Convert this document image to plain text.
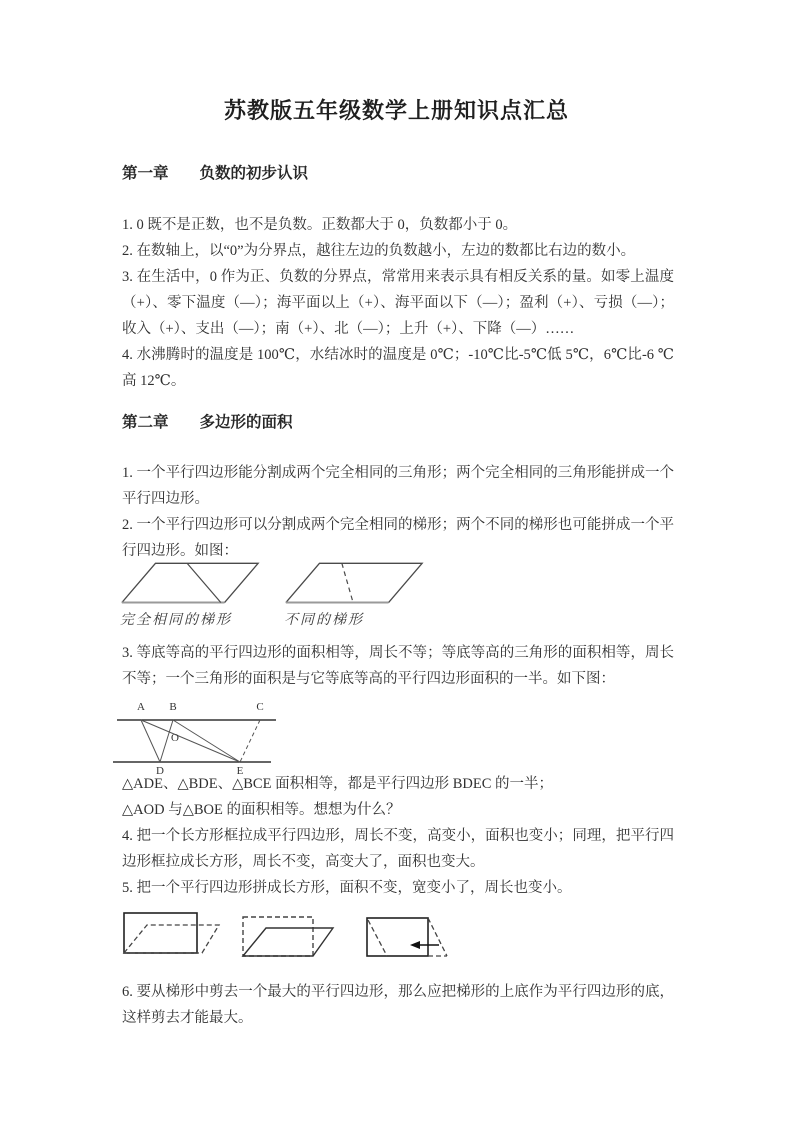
苏教版五年级数学上册知识点汇总
第一章　　负数的初步认识

1. 0 既不是正数，也不是负数。正数都大于 0，负数都小于 0。

2. 在数轴上，以“0”为分界点，越往左边的负数越小，左边的数都比右边的数小。

3. 在生活中，0 作为正、负数的分界点，常常用来表示具有相反关系的量。如零上温度（+）、零下温度（—）；海平面以上（+）、海平面以下（—）；盈利（+）、亏损（—）；收入（+）、支出（—）；南（+）、北（—）；上升（+）、下降（—）……

4. 水沸腾时的温度是 100℃，水结冰时的温度是 0℃；-10℃比-5℃低 5℃，6℃比-6 ℃高 12℃。

第二章　　多边形的面积

1. 一个平行四边形能分割成两个完全相同的三角形；两个完全相同的三角形能拼成一个平行四边形。

2. 一个平行四边形可以分割成两个完全相同的梯形；两个不同的梯形也可能拼成一个平行四边形。如图：

完全相同的梯形	不同的梯形

3. 等底等高的平行四边形的面积相等，周长不等；等底等高的三角形的面积相等，周长不等；一个三角形的面积是与它等底等高的平行四边形面积的一半。如下图：

A B	C
D	E
O

△ADE、△BDE、△BCE 面积相等，都是平行四边形 BDEC 的一半；

△AOD 与△BOE 的面积相等。想想为什么？

4. 把一个长方形框拉成平行四边形，周长不变，高变小，面积也变小；同理，把平行四边形框拉成长方形，周长不变，高变大了，面积也变大。

5. 把一个平行四边形拼成长方形，面积不变，宽变小了，周长也变小。

6. 要从梯形中剪去一个最大的平行四边形，那么应把梯形的上底作为平行四边形的底，这样剪去才能最大。
